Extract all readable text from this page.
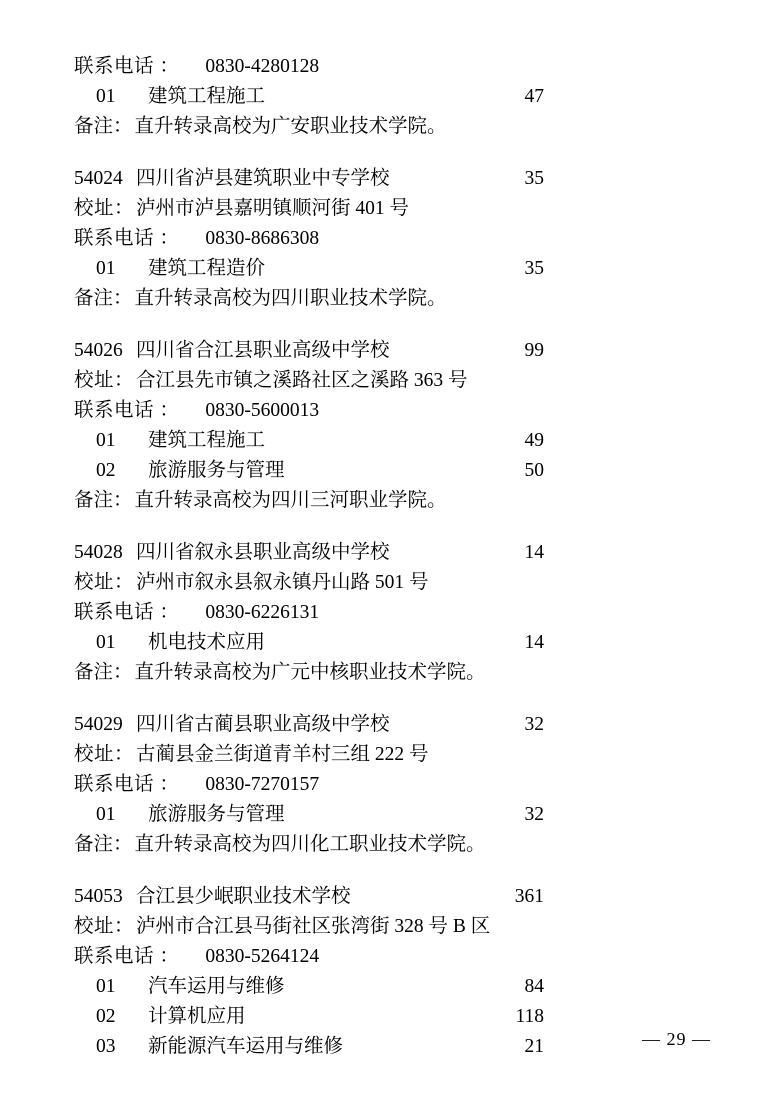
联系电话 ： 0830-4280128
01 建筑工程施工	47
备注： 直升转录高校为广安职业技术学院。
54024 四川省泸县建筑职业中专学校	35
校址： 泸州市泸县嘉明镇顺河街 401 号
联系电话 ： 0830-8686308
01 建筑工程造价	35
备注： 直升转录高校为四川职业技术学院。
54026 四川省合江县职业高级中学校	99
校址： 合江县先市镇之溪路社区之溪路 363 号
联系电话 ： 0830-5600013
01 建筑工程施工	49
02 旅游服务与管理	50
备注： 直升转录高校为四川三河职业学院。
54028 四川省叙永县职业高级中学校	14
校址： 泸州市叙永县叙永镇丹山路 501 号
联系电话 ： 0830-6226131
01 机电技术应用	14
备注： 直升转录高校为广元中核职业技术学院。
54029 四川省古蔺县职业高级中学校	32
校址： 古蔺县金兰街道青羊村三组 222 号
联系电话 ： 0830-7270157
01 旅游服务与管理	32
备注： 直升转录高校为四川化工职业技术学院。
54053 合江县少岷职业技术学校	361
校址： 泸州市合江县马街社区张湾街 328 号 B 区
联系电话 ： 0830-5264124
01 汽车运用与维修	84
02 计算机应用	118
03 新能源汽车运用与维修	21	— 29 —
